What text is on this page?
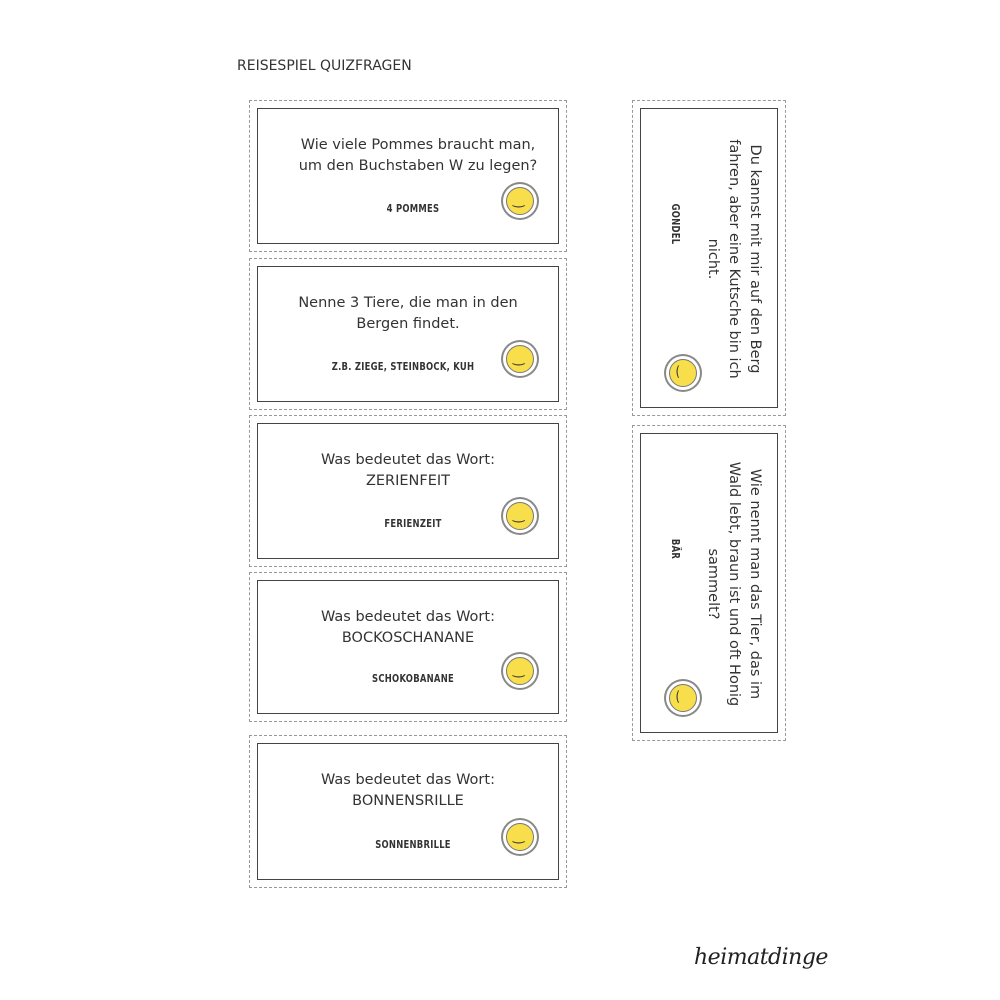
REISESPIEL QUIZFRAGEN
Wie viele Pommes braucht man, um den Buchstaben W zu legen?
4 POMMES
‿
Nenne 3 Tiere, die man in den Bergen findet.
Z.B. ZIEGE, STEINBOCK, KUH
‿
Was bedeutet das Wort: ZERIENFEIT
FERIENZEIT
‿
Was bedeutet das Wort: BOCKOSCHANANE
SCHOKOBANANE
‿
Was bedeutet das Wort: BONNENSRILLE
SONNENBRILLE
‿
Du kannst mit mir auf den Berg fahren, aber eine Kutsche bin ich nicht.
GONDEL
‿
Wie nennt man das Tier, das im Wald lebt, braun ist und oft Honig sammelt?
BÄR
‿
heimatdinge
